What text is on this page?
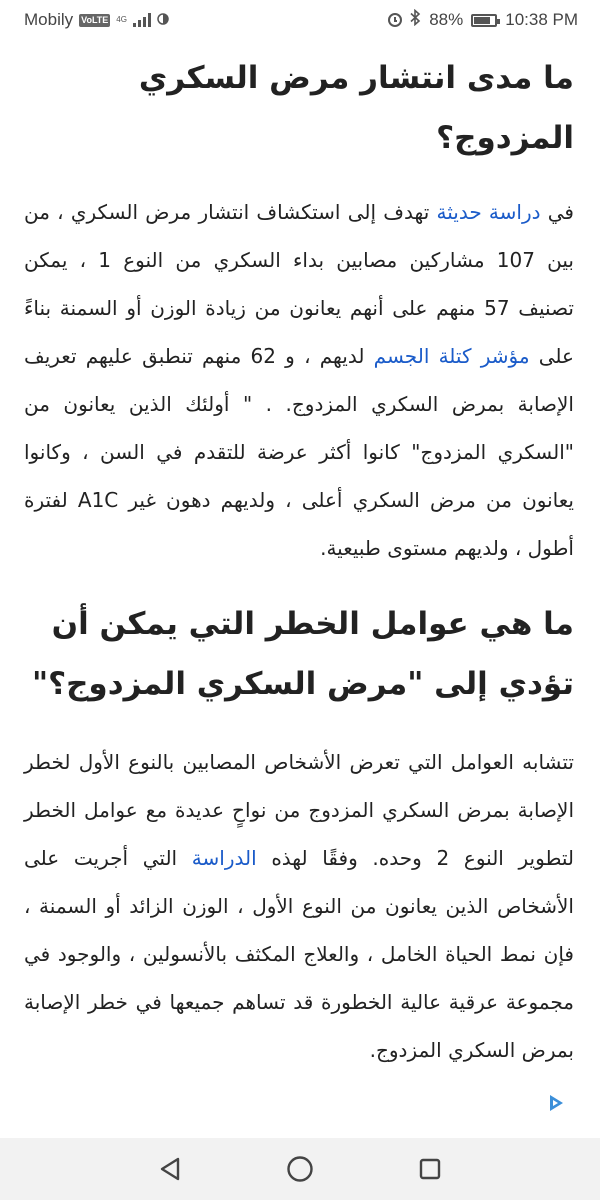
Mobily VoLTE 4G	88% 10:38 PM
ما مدى انتشار مرض السكري المزدوج؟

في دراسة حديثة تهدف إلى استكشاف انتشار مرض السكري ، من بين 107 مشاركين مصابين بداء السكري من النوع 1 ، يمكن تصنيف 57 منهم على أنهم يعانون من زيادة الوزن أو السمنة بناءً على مؤشر كتلة الجسم لديهم ، و 62 منهم تنطبق عليهم تعريف الإصابة بمرض السكري المزدوج. . " أولئك الذين يعانون من "السكري المزدوج" كانوا أكثر عرضة للتقدم في السن ، وكانوا يعانون من مرض السكري أعلى ، ولديهم دهون غير A1C لفترة أطول ، ولديهم مستوى طبيعية.

ما هي عوامل الخطر التي يمكن أن تؤدي إلى "مرض السكري المزدوج؟"

تتشابه العوامل التي تعرض الأشخاص المصابين بالنوع الأول لخطر الإصابة بمرض السكري المزدوج من نواحٍ عديدة مع عوامل الخطر لتطوير النوع 2 وحده. وفقًا لهذه الدراسة التي أجريت على الأشخاص الذين يعانون من النوع الأول ، الوزن الزائد أو السمنة ، فإن نمط الحياة الخامل ، والعلاج المكثف بالأنسولين ، والوجود في مجموعة عرقية عالية الخطورة قد تساهم جميعها في خطر الإصابة بمرض السكري المزدوج.
